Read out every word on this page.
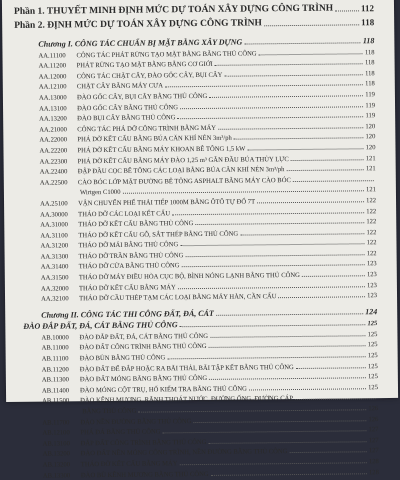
Phần 1. THUYẾT MINH ĐỊNH MỨC DỰ TOÁN XÂY DỰNG CÔNG TRÌNH	112
Phần 2. ĐỊNH MỨC DỰ TOÁN XÂY DỰNG CÔNG TRÌNH	118
Chương I. CÔNG TÁC CHUẨN BỊ MẶT BẰNG XÂY DỰNG	118
AA.11100	CÔNG TÁC PHÁT RỪNG TẠO MẶT BẰNG BẰNG THỦ CÔNG	118
AA.11200	PHÁT RỪNG TẠO MẶT BẰNG BẰNG CƠ GIỚI	118
AA.12000	CÔNG TÁC CHẶT CÂY, ĐÀO GỐC CÂY, BỤI CÂY	118
AA.12100	CHẶT CÂY BẰNG MÁY CƯA	118
AA.13000	ĐÀO GỐC CÂY, BỤI CÂY BẰNG THỦ CÔNG	119
AA.13100	ĐÀO GỐC CÂY BẰNG THỦ CÔNG	119
AA.13200	ĐÀO BỤI CÂY BẰNG THỦ CÔNG	119
AA.21000	CÔNG TÁC PHÁ DỠ CÔNG TRÌNH BẰNG MÁY	120
AA.22000	PHÁ DỠ KẾT CẤU BẰNG BÚA CĂN KHÍ NÉN 3m³/ph	120
AA.22200	PHÁ DỠ KẾT CẤU BẰNG MÁY KHOAN BÊ TÔNG 1,5 kW	120
AA.22300	PHÁ DỠ KẾT CẤU BẰNG MÁY ĐÀO 1,25 m³ GẮN ĐẦU BÚA THỦY LỰC	121
AA.22400	ĐẬP ĐẦU CỌC BÊ TÔNG CÁC LOẠI BẰNG BÚA CĂN KHÍ NÉN 3m³/ph	121
AA.22500	CÀO BÓC LỚP MẶT ĐƯỜNG BÊ TÔNG ASPHALT BẰNG MÁY CÀO BÓC
Wirtgen C1000	121
AA.25100	VẬN CHUYỂN PHẾ THẢI TIẾP 1000M BẰNG ÔTÔ TỰ ĐỔ 7T	122
AA.30000	THÁO DỠ CÁC LOẠI KẾT CẤU	122
AA.31000	THÁO DỠ KẾT CẤU BẰNG THỦ CÔNG	122
AA.31100	THÁO DỠ KẾT CẤU GỖ, SẮT THÉP BẰNG THỦ CÔNG	122
AA.31200	THÁO DỠ MÁI BẰNG THỦ CÔNG	122
AA.31300	THÁO DỠ TRẦN BẰNG THỦ CÔNG	122
AA.31400	THÁO DỠ CỬA BẰNG THỦ CÔNG	123
AA.31500	THÁO DỠ MÁY ĐIỀU HÒA CỤC BỘ, BÌNH NÓNG LẠNH BẰNG THỦ CÔNG	123
AA.32000	THÁO DỠ KẾT CẤU BẰNG MÁY	123
AA.32100	THÁO DỠ CẦU THÉP TẠM CÁC LOẠI BẰNG MÁY HÀN, CẦN CẨU	123
Chương II. CÔNG TÁC THI CÔNG ĐẤT, ĐÁ, CÁT	124
ĐÀO ĐẮP ĐẤT, ĐÁ, CÁT BẰNG THỦ CÔNG	125
AB.10000	ĐÀO ĐẮP ĐẤT, ĐÁ, CÁT BẰNG THỦ CÔNG	125
AB.11000	ĐÀO ĐẤT CÔNG TRÌNH BẰNG THỦ CÔNG	125
AB.11100	ĐÀO BÙN BẰNG THỦ CÔNG	125
AB.11200	ĐÀO ĐẤT ĐỂ ĐẮP HOẶC RA BÃI THẢI, BÃI TẬP KẾT BẰNG THỦ CÔNG	125
AB.11300	ĐÀO ĐẤT MÓNG BĂNG BẰNG THỦ CÔNG	125
AB.11400	ĐÀO MÓNG CỘT TRỤ, HỐ KIỂM TRA BẰNG THỦ CÔNG	125
AB.11500	ĐÀO KÊNH MƯƠNG, RÃNH THOÁT NƯỚC, ĐƯỜNG ỐNG, ĐƯỜNG CÁP
BẰNG THỦ CÔNG	126
AB.11700	ĐÀO NỀN ĐƯỜNG BẰNG THỦ CÔNG	126
AB.12100	PHÁ ĐÁ BẰNG THỦ CÔNG	127
AB.13100	ĐẮP ĐẤT CÔNG TRÌNH BẰNG THỦ CÔNG	127
AB.13200	ĐÀO ĐẤT NỀN MÓNG CÔNG TRÌNH, NỀN ĐƯỜNG BẰNG THỦ CÔNG	127
AB.13200	THÁO ĐỠ KẾT CẤU BẰNG MÁY	128
AB.13300	ĐÀO BÙ KÊNH MƯƠNG BẰNG THỦ CÔNG	128
